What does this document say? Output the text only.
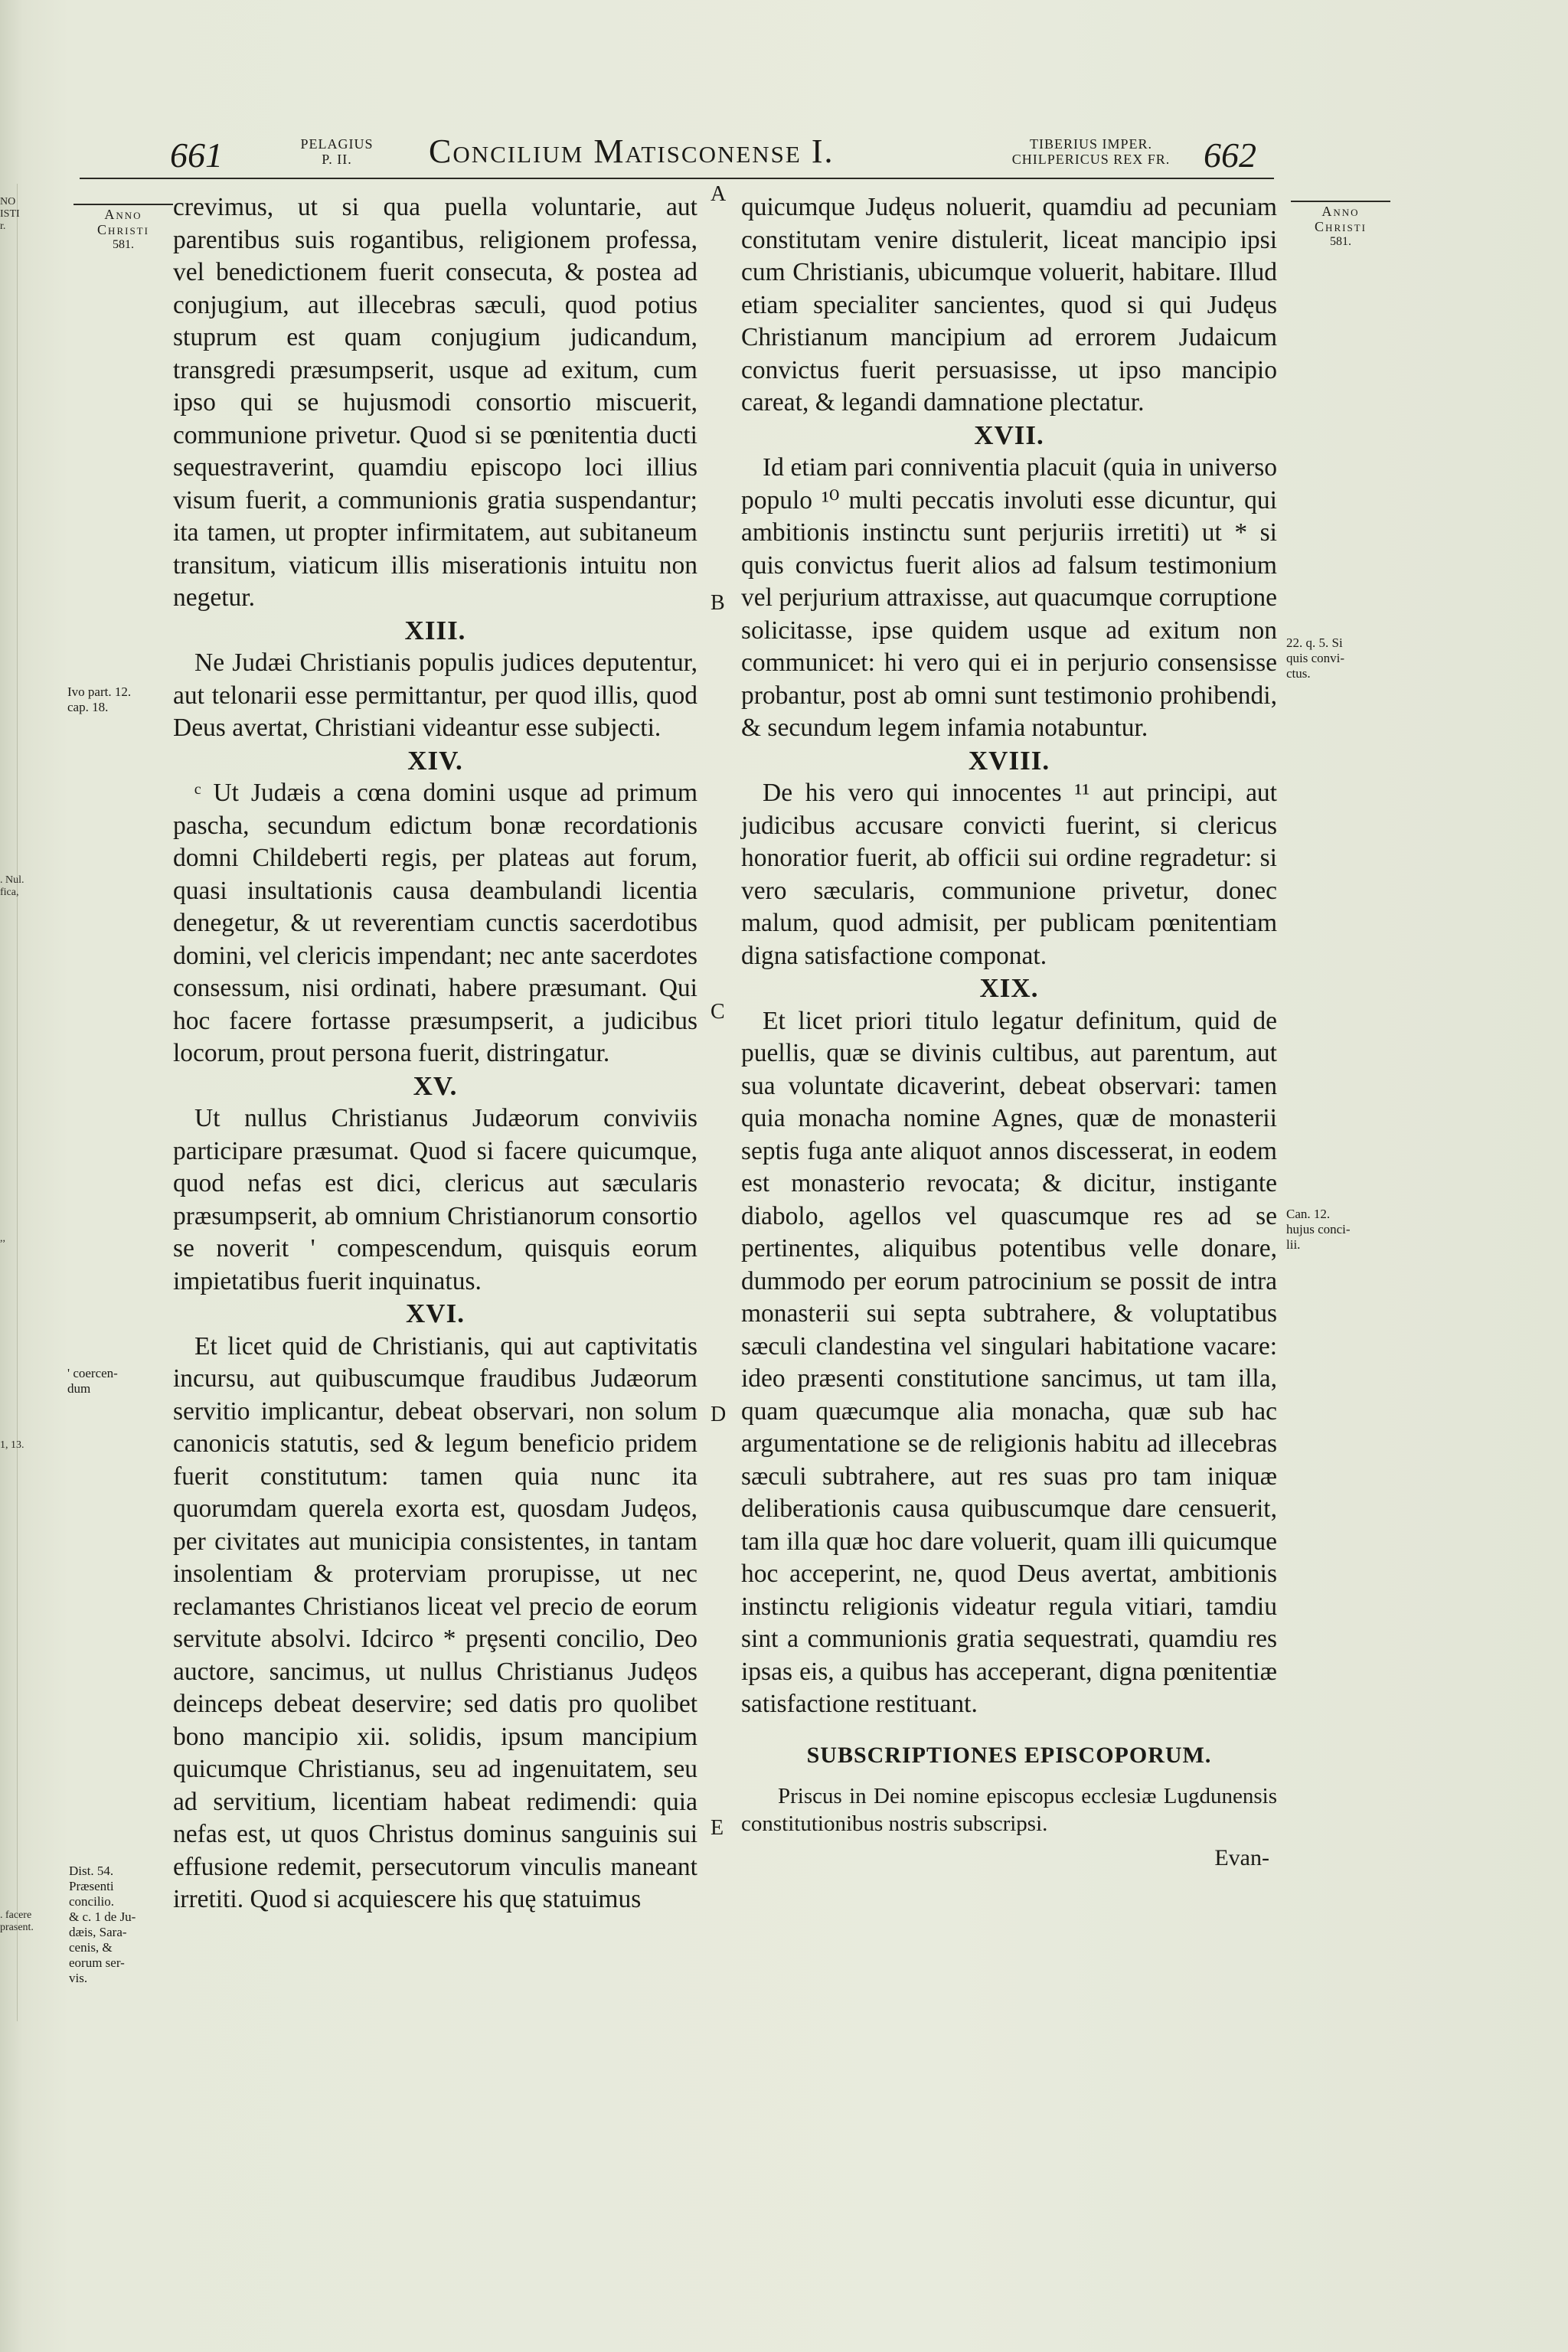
NO
ISTI
r.
. Nul.
fica,
,,
1, 13.
. facere
prasent.
661	PELAGIUS
P. II.	Concilium Matisconense I.	TIBERIUS IMPER.
CHILPERICUS REX FR. 662
Anno
Christi
581.
Anno
Christi
581.
Ivo part. 12.
cap. 18.
' coercen-
dum
Dist. 54.
Præsenti
concilio.
& c. 1 de Ju-
dæis, Sara-
cenis, &
eorum ser-
vis.
22. q. 5. Si
quis convi-
ctus.
Can. 12.
hujus conci-
lii.
A
B
C
D
E

crevimus, ut si qua puella voluntarie, aut parentibus suis rogantibus, religionem professa, vel benedictionem fuerit consecuta, & postea ad conjugium, aut illecebras sæculi, quod potius stuprum est quam conjugium judicandum, transgredi præsumpserit, usque ad exitum, cum ipso qui se hujusmodi consortio miscuerit, communione privetur. Quod si se pœnitentia ducti sequestraverint, quamdiu episcopo loci illius visum fuerit, a communionis gratia suspendantur; ita tamen, ut propter infirmitatem, aut subitaneum transitum, viaticum illis miserationis intuitu non negetur.

XIII.

Ne Judæi Christianis populis judices deputentur, aut telonarii esse permittantur, per quod illis, quod Deus avertat, Christiani videantur esse subjecti.

XIV.

ᶜ Ut Judæis a cœna domini usque ad primum pascha, secundum edictum bonæ recordationis domni Childeberti regis, per plateas aut forum, quasi insultationis causa deambulandi licentia denegetur, & ut reverentiam cunctis sacerdotibus domini, vel clericis impendant; nec ante sacerdotes consessum, nisi ordinati, habere præsumant. Qui hoc facere fortasse præsumpserit, a judicibus locorum, prout persona fuerit, distringatur.

XV.

Ut nullus Christianus Judæorum conviviis participare præsumat. Quod si facere quicumque, quod nefas est dici, clericus aut sæcularis præsumpserit, ab omnium Christianorum consortio se noverit ' compescendum, quisquis eorum impietatibus fuerit inquinatus.

XVI.

Et licet quid de Christianis, qui aut captivitatis incursu, aut quibuscumque fraudibus Judæorum servitio implicantur, debeat observari, non solum canonicis statutis, sed & legum beneficio pridem fuerit constitutum: tamen quia nunc ita quorumdam querela exorta est, quosdam Judęos, per civitates aut municipia consistentes, in tantam insolentiam & proterviam prorupisse, ut nec reclamantes Christianos liceat vel precio de eorum servitute absolvi. Idcirco * prȩsenti concilio, Deo auctore, sancimus, ut nullus Christianus Judęos deinceps debeat deservire; sed datis pro quolibet bono mancipio xii. solidis, ipsum mancipium quicumque Christianus, seu ad ingenuitatem, seu ad servitium, licentiam habeat redimendi: quia nefas est, ut quos Christus dominus sanguinis sui effusione redemit, persecutorum vinculis maneant irretiti. Quod si acquiescere his quę statuimus

quicumque Judęus noluerit, quamdiu ad pecuniam constitutam venire distulerit, liceat mancipio ipsi cum Christianis, ubicumque voluerit, habitare. Illud etiam specialiter sancientes, quod si qui Judęus Christianum mancipium ad errorem Judaicum convictus fuerit persuasisse, ut ipso mancipio careat, & legandi damnatione plectatur.

XVII.

Id etiam pari conniventia placuit (quia in universo populo ¹⁰ multi peccatis involuti esse dicuntur, qui ambitionis instinctu sunt perjuriis irretiti) ut * si quis convictus fuerit alios ad falsum testimonium vel perjurium attraxisse, aut quacumque corruptione solicitasse, ipse quidem usque ad exitum non communicet: hi vero qui ei in perjurio consensisse probantur, post ab omni sunt testimonio prohibendi, & secundum legem infamia notabuntur.

XVIII.

De his vero qui innocentes ¹¹ aut principi, aut judicibus accusare convicti fuerint, si clericus honoratior fuerit, ab officii sui ordine regradetur: si vero sæcularis, communione privetur, donec malum, quod admisit, per publicam pœnitentiam digna satisfactione componat.

XIX.

Et licet priori titulo legatur definitum, quid de puellis, quæ se divinis cultibus, aut parentum, aut sua voluntate dicaverint, debeat observari: tamen quia monacha nomine Agnes, quæ de monasterii septis fuga ante aliquot annos discesserat, in eodem est monasterio revocata; & dicitur, instigante diabolo, agellos vel quascumque res ad se pertinentes, aliquibus potentibus velle donare, dummodo per eorum patrocinium se possit de intra monasterii sui septa subtrahere, & voluptatibus sæculi clandestina vel singulari habitatione vacare: ideo præsenti constitutione sancimus, ut tam illa, quam quæcumque alia monacha, quæ sub hac argumentatione se de religionis habitu ad illecebras sæculi subtrahere, aut res suas pro tam iniquæ deliberationis causa quibuscumque dare censuerit, tam illa quæ hoc dare voluerit, quam illi quicumque hoc acceperint, ne, quod Deus avertat, ambitionis instinctu religionis videatur regula vitiari, tamdiu sint a communionis gratia sequestrati, quamdiu res ipsas eis, a quibus has acceperant, digna pœnitentiæ satisfactione restituant.

SUBSCRIPTIONES EPISCOPORUM.

Priscus in Dei nomine episcopus ecclesiæ Lugdunensis constitutionibus nostris subscripsi.

Evan-
